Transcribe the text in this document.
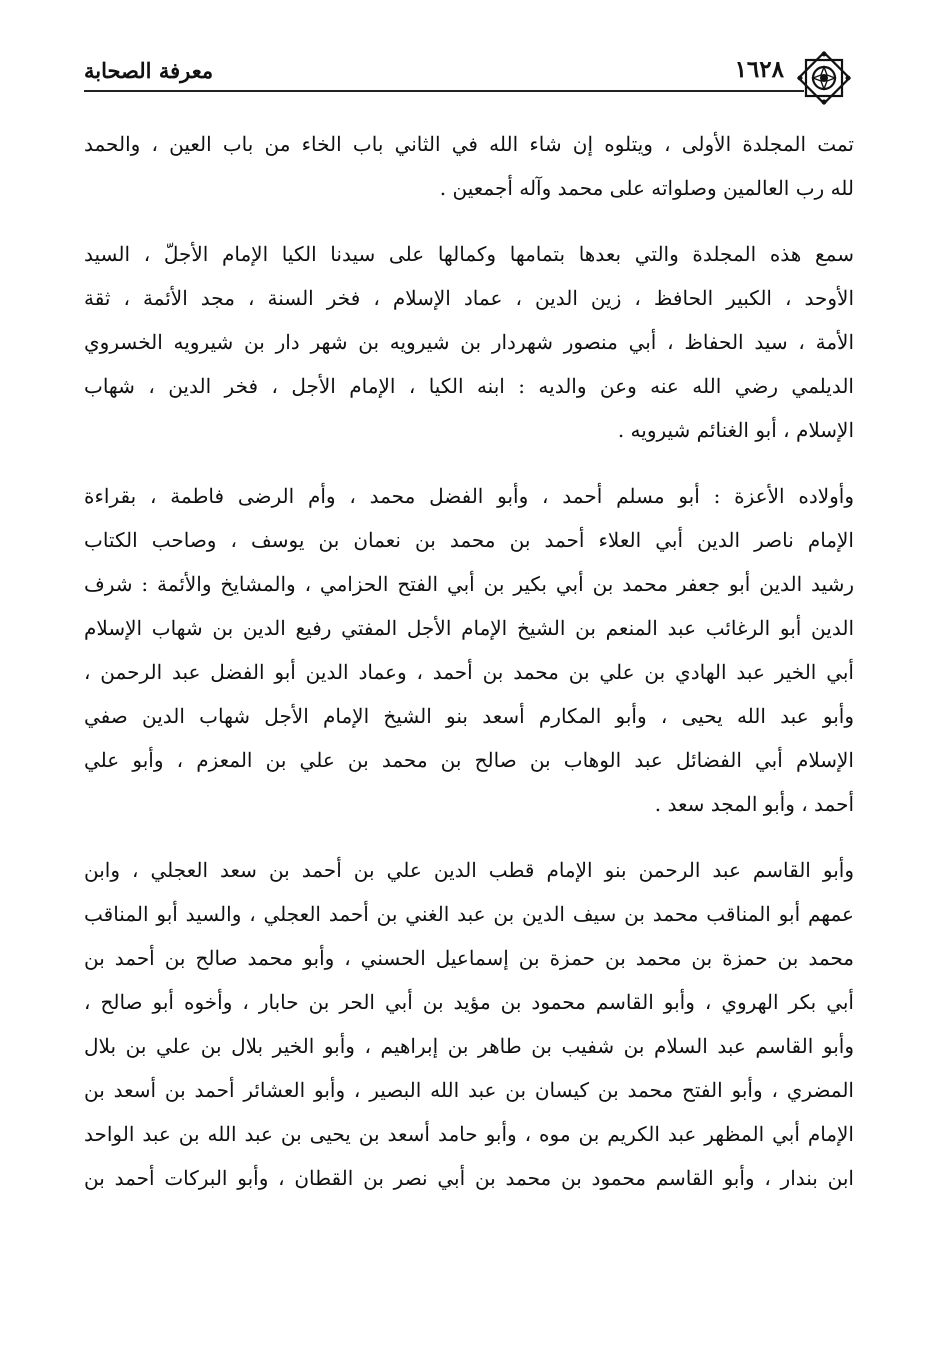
معرفة الصحابة	١٦٢٨

تمت المجلدة الأولى ، ويتلوه إن شاء الله في الثاني باب الخاء من باب العين ، والحمد
لله رب العالمين وصلواته على محمد وآله أجمعين .

سمع هذه المجلدة والتي بعدها بتمامها وكمالها على سيدنا الكيا الإمام الأجلّ ، السيد
الأوحد ، الكبير الحافظ ، زين الدين ، عماد الإسلام ، فخر السنة ، مجد الأئمة ، ثقة
الأمة ، سيد الحفاظ ، أبي منصور شهردار بن شيرويه بن شهر دار بن شيرويه الخسروي
الديلمي رضي الله عنه وعن والديه : ابنه الكيا ، الإمام الأجل ، فخر الدين ، شهاب
الإسلام ، أبو الغنائم شيرويه .

وأولاده الأعزة : أبو مسلم أحمد ، وأبو الفضل محمد ، وأم الرضى فاطمة ، بقراءة
الإمام ناصر الدين أبي العلاء أحمد بن محمد بن نعمان بن يوسف ، وصاحب الكتاب
رشيد الدين أبو جعفر محمد بن أبي بكير بن أبي الفتح الحزامي ، والمشايخ والأئمة : شرف
الدين أبو الرغائب عبد المنعم بن الشيخ الإمام الأجل المفتي رفيع الدين بن شهاب الإسلام
أبي الخير عبد الهادي بن علي بن محمد بن أحمد ، وعماد الدين أبو الفضل عبد الرحمن ،
وأبو عبد الله يحيى ، وأبو المكارم أسعد بنو الشيخ الإمام الأجل شهاب الدين صفي
الإسلام أبي الفضائل عبد الوهاب بن صالح بن محمد بن علي بن المعزم ، وأبو علي
أحمد ، وأبو المجد سعد .

وأبو القاسم عبد الرحمن بنو الإمام قطب الدين علي بن أحمد بن سعد العجلي ، وابن
عمهم أبو المناقب محمد بن سيف الدين بن عبد الغني بن أحمد العجلي ، والسيد أبو المناقب
محمد بن حمزة بن محمد بن حمزة بن إسماعيل الحسني ، وأبو محمد صالح بن أحمد بن
أبي بكر الهروي ، وأبو القاسم محمود بن مؤيد بن أبي الحر بن حابار ، وأخوه أبو صالح ،
وأبو القاسم عبد السلام بن شفيب بن طاهر بن إبراهيم ، وأبو الخير بلال بن علي بن بلال
المضري ، وأبو الفتح محمد بن كيسان بن عبد الله البصير ، وأبو العشائر أحمد بن أسعد بن
الإمام أبي المظهر عبد الكريم بن موه ، وأبو حامد أسعد بن يحيى بن عبد الله بن عبد الواحد
ابن بندار ، وأبو القاسم محمود بن محمد بن أبي نصر بن القطان ، وأبو البركات أحمد بن
